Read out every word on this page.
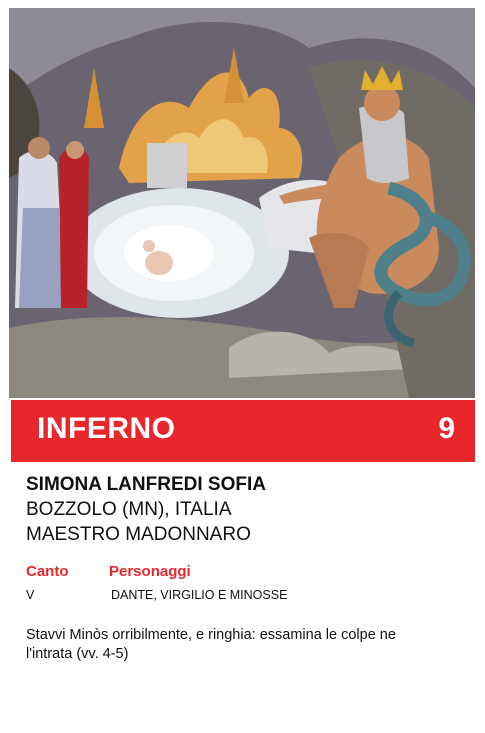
INFERNO	9
SIMONA LANFREDI SOFIA
BOZZOLO (MN), ITALIA
MAESTRO MADONNARO
Canto	Personaggi
V	DANTE, VIRGILIO E MINOSSE
Stavvi Minòs orribilmente, e ringhia: essamina le colpe ne l'intrata (vv. 4-5)
